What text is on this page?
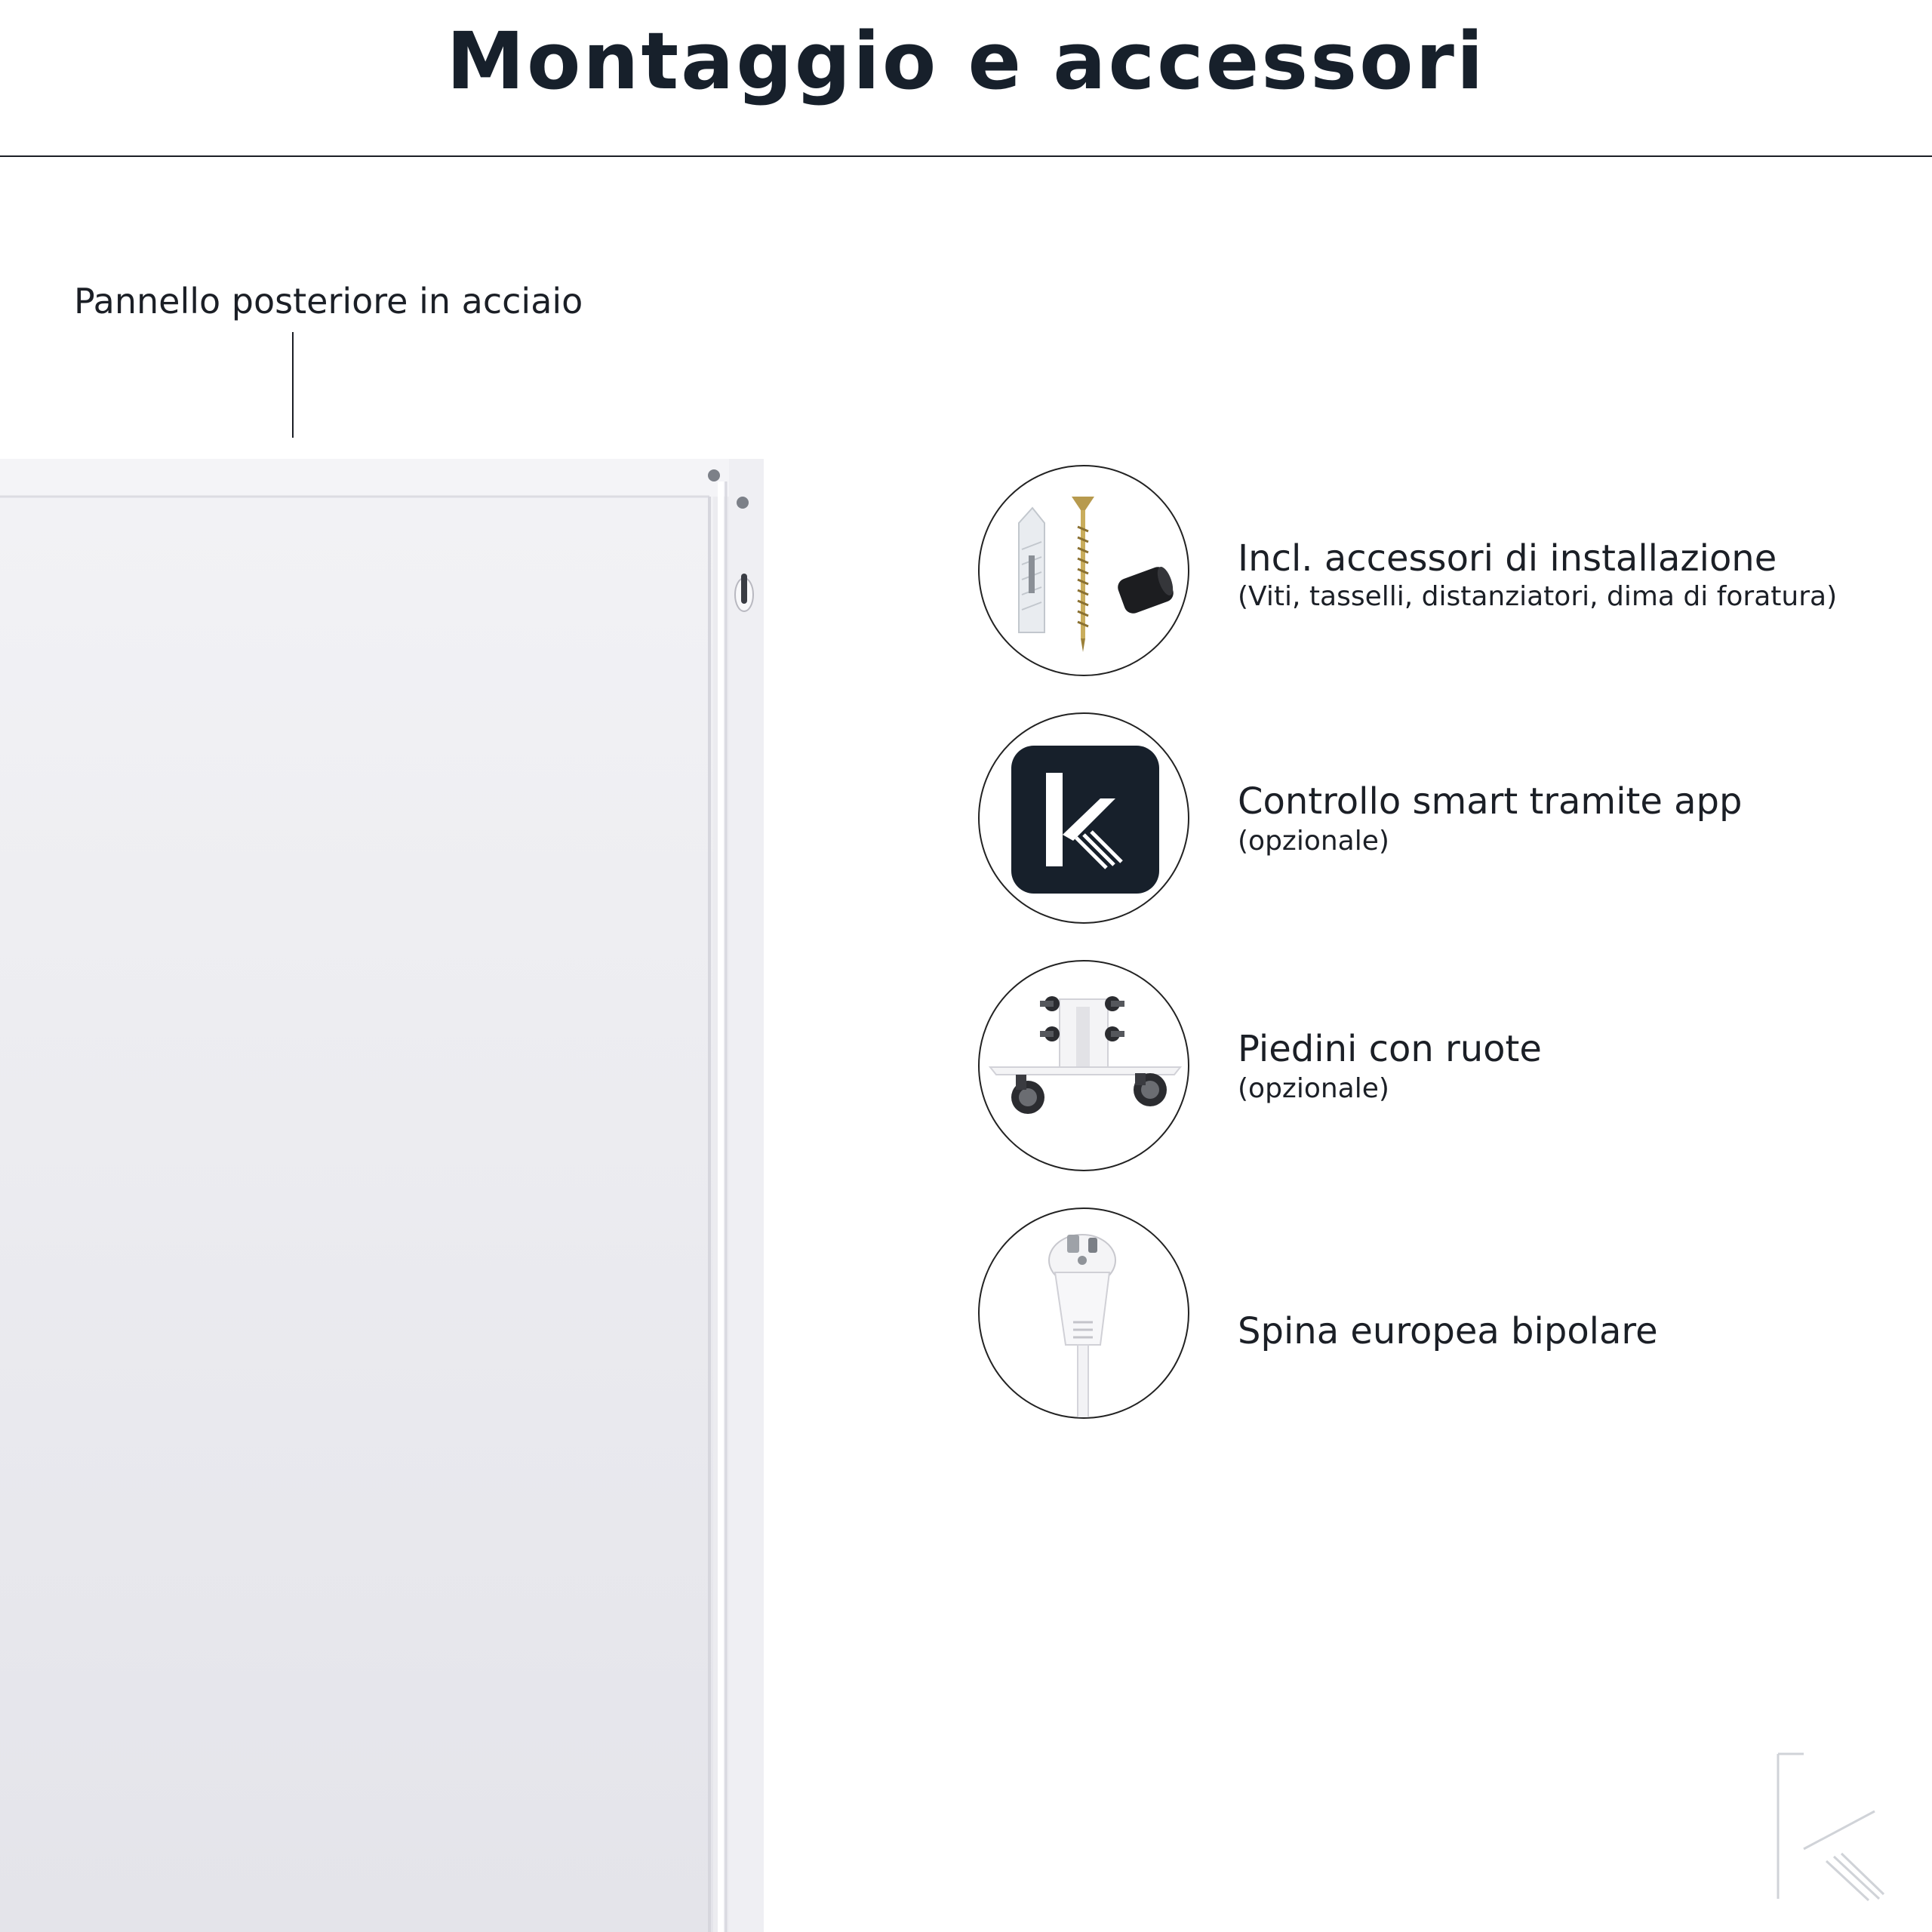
Montaggio e accessori
Pannello posteriore in acciaio
Incl. accessori di installazione
(Viti, tasselli, distanziatori, dima di foratura)
Controllo smart tramite app
(opzionale)
Piedini con ruote
(opzionale)
Spina europea bipolare
